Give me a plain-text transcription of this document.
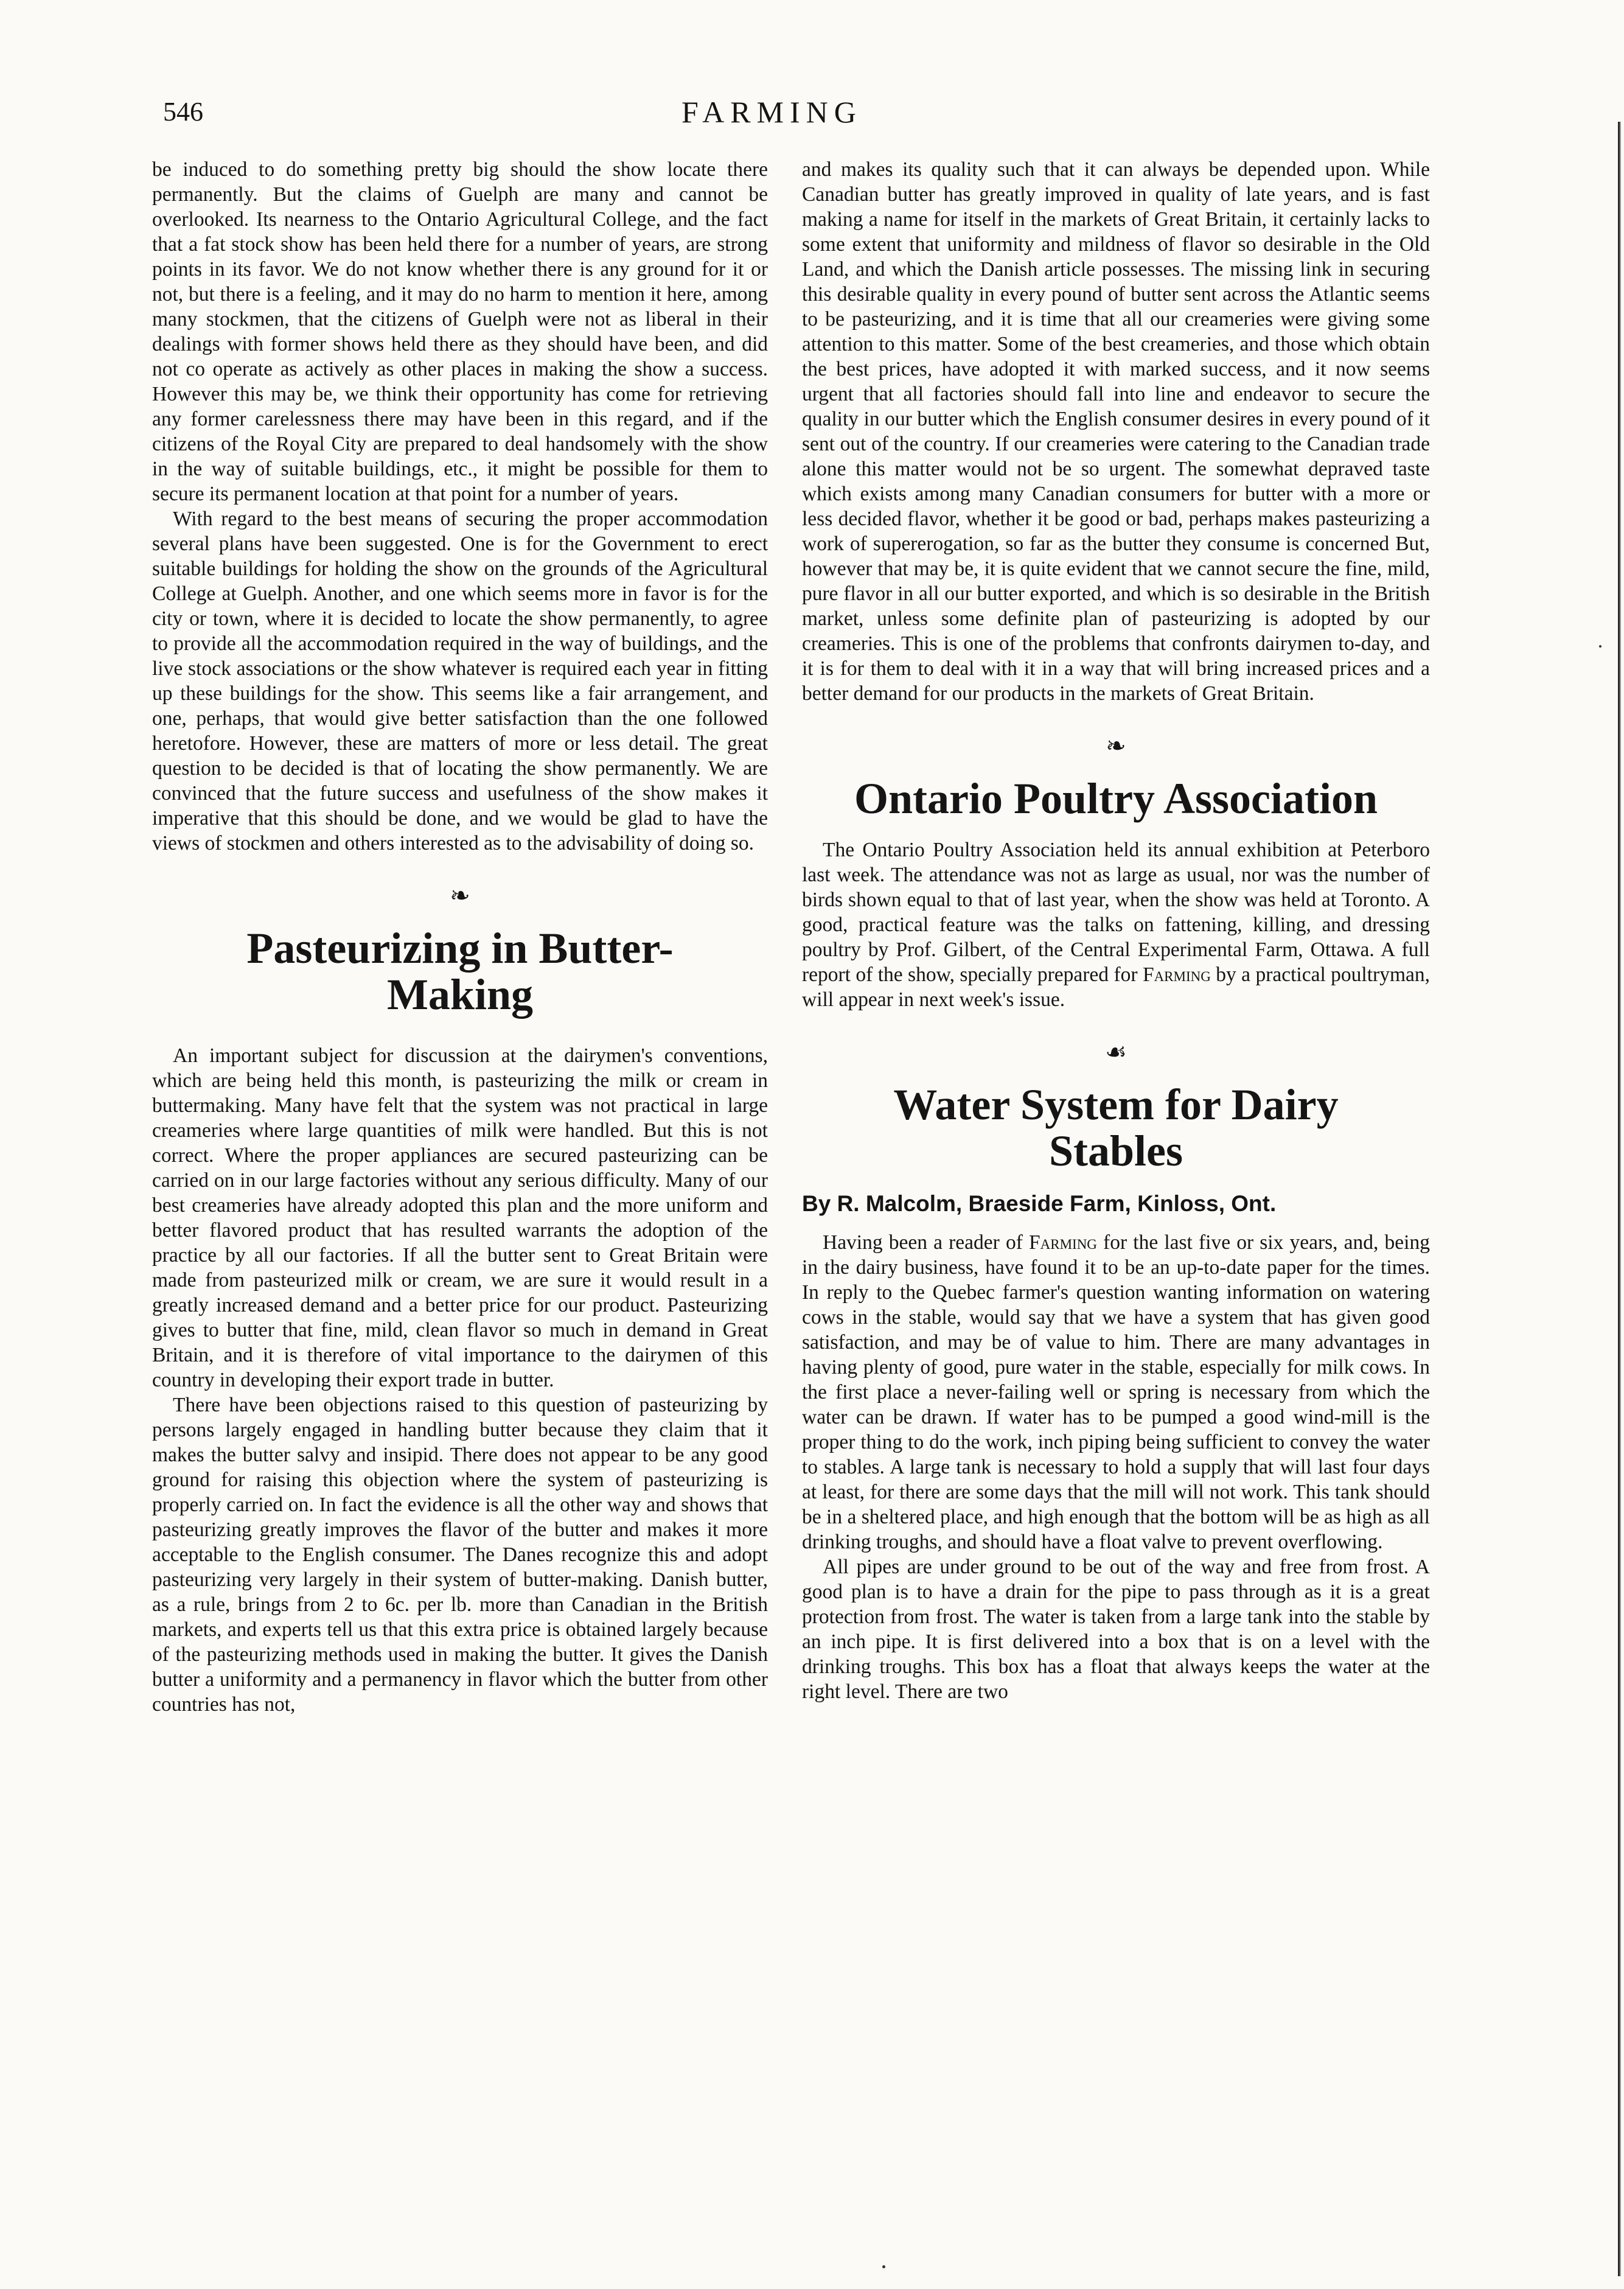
546	FARMING

be induced to do something pretty big should the show locate there permanently. But the claims of Guelph are many and cannot be overlooked. Its nearness to the Ontario Agricultural College, and the fact that a fat stock show has been held there for a number of years, are strong points in its favor. We do not know whether there is any ground for it or not, but there is a feeling, and it may do no harm to mention it here, among many stockmen, that the citizens of Guelph were not as liberal in their dealings with former shows held there as they should have been, and did not co operate as actively as other places in making the show a success. However this may be, we think their opportunity has come for retrieving any former carelessness there may have been in this regard, and if the citizens of the Royal City are prepared to deal handsomely with the show in the way of suitable buildings, etc., it might be possible for them to secure its permanent location at that point for a number of years.

With regard to the best means of securing the proper accommodation several plans have been suggested. One is for the Government to erect suitable buildings for holding the show on the grounds of the Agricultural College at Guelph. Another, and one which seems more in favor is for the city or town, where it is decided to locate the show permanently, to agree to provide all the accommodation required in the way of buildings, and the live stock associations or the show whatever is required each year in fitting up these buildings for the show. This seems like a fair arrangement, and one, perhaps, that would give better satisfaction than the one followed heretofore. However, these are matters of more or less detail. The great question to be decided is that of locating the show permanently. We are convinced that the future success and usefulness of the show makes it imperative that this should be done, and we would be glad to have the views of stockmen and others interested as to the advisability of doing so.

❧
Pasteurizing in Butter-Making

An important subject for discussion at the dairymen's conventions, which are being held this month, is pasteurizing the milk or cream in buttermaking. Many have felt that the system was not practical in large creameries where large quantities of milk were handled. But this is not correct. Where the proper appliances are secured pasteurizing can be carried on in our large factories without any serious difficulty. Many of our best creameries have already adopted this plan and the more uniform and better flavored product that has resulted warrants the adoption of the practice by all our factories. If all the butter sent to Great Britain were made from pasteurized milk or cream, we are sure it would result in a greatly increased demand and a better price for our product. Pasteurizing gives to butter that fine, mild, clean flavor so much in demand in Great Britain, and it is therefore of vital importance to the dairymen of this country in developing their export trade in butter.

There have been objections raised to this question of pasteurizing by persons largely engaged in handling butter because they claim that it makes the butter salvy and insipid. There does not appear to be any good ground for raising this objection where the system of pasteurizing is properly carried on. In fact the evidence is all the other way and shows that pasteurizing greatly improves the flavor of the butter and makes it more acceptable to the English consumer. The Danes recognize this and adopt pasteurizing very largely in their system of butter-making. Danish butter, as a rule, brings from 2 to 6c. per lb. more than Canadian in the British markets, and experts tell us that this extra price is obtained largely because of the pasteurizing methods used in making the butter. It gives the Danish butter a uniformity and a permanency in flavor which the butter from other countries has not,

and makes its quality such that it can always be depended upon. While Canadian butter has greatly improved in quality of late years, and is fast making a name for itself in the markets of Great Britain, it certainly lacks to some extent that uniformity and mildness of flavor so desirable in the Old Land, and which the Danish article possesses. The missing link in securing this desirable quality in every pound of butter sent across the Atlantic seems to be pasteurizing, and it is time that all our creameries were giving some attention to this matter. Some of the best creameries, and those which obtain the best prices, have adopted it with marked success, and it now seems urgent that all factories should fall into line and endeavor to secure the quality in our butter which the English consumer desires in every pound of it sent out of the country. If our creameries were catering to the Canadian trade alone this matter would not be so urgent. The somewhat depraved taste which exists among many Canadian consumers for butter with a more or less decided flavor, whether it be good or bad, perhaps makes pasteurizing a work of supererogation, so far as the butter they consume is concerned But, however that may be, it is quite evident that we cannot secure the fine, mild, pure flavor in all our butter exported, and which is so desirable in the British market, unless some definite plan of pasteurizing is adopted by our creameries. This is one of the problems that confronts dairymen to-day, and it is for them to deal with it in a way that will bring increased prices and a better demand for our products in the markets of Great Britain.

❧
Ontario Poultry Association

The Ontario Poultry Association held its annual exhibition at Peterboro last week. The attendance was not as large as usual, nor was the number of birds shown equal to that of last year, when the show was held at Toronto. A good, practical feature was the talks on fattening, killing, and dressing poultry by Prof. Gilbert, of the Central Experimental Farm, Ottawa. A full report of the show, specially prepared for Farming by a practical poultryman, will appear in next week's issue.

☙
Water System for Dairy Stables
By R. Malcolm, Braeside Farm, Kinloss, Ont.

Having been a reader of Farming for the last five or six years, and, being in the dairy business, have found it to be an up-to-date paper for the times. In reply to the Quebec farmer's question wanting information on watering cows in the stable, would say that we have a system that has given good satisfaction, and may be of value to him. There are many advantages in having plenty of good, pure water in the stable, especially for milk cows. In the first place a never-failing well or spring is necessary from which the water can be drawn. If water has to be pumped a good wind-mill is the proper thing to do the work, inch piping being sufficient to convey the water to stables. A large tank is necessary to hold a supply that will last four days at least, for there are some days that the mill will not work. This tank should be in a sheltered place, and high enough that the bottom will be as high as all drinking troughs, and should have a float valve to prevent overflowing.

All pipes are under ground to be out of the way and free from frost. A good plan is to have a drain for the pipe to pass through as it is a great protection from frost. The water is taken from a large tank into the stable by an inch pipe. It is first delivered into a box that is on a level with the drinking troughs. This box has a float that always keeps the water at the right level. There are two
